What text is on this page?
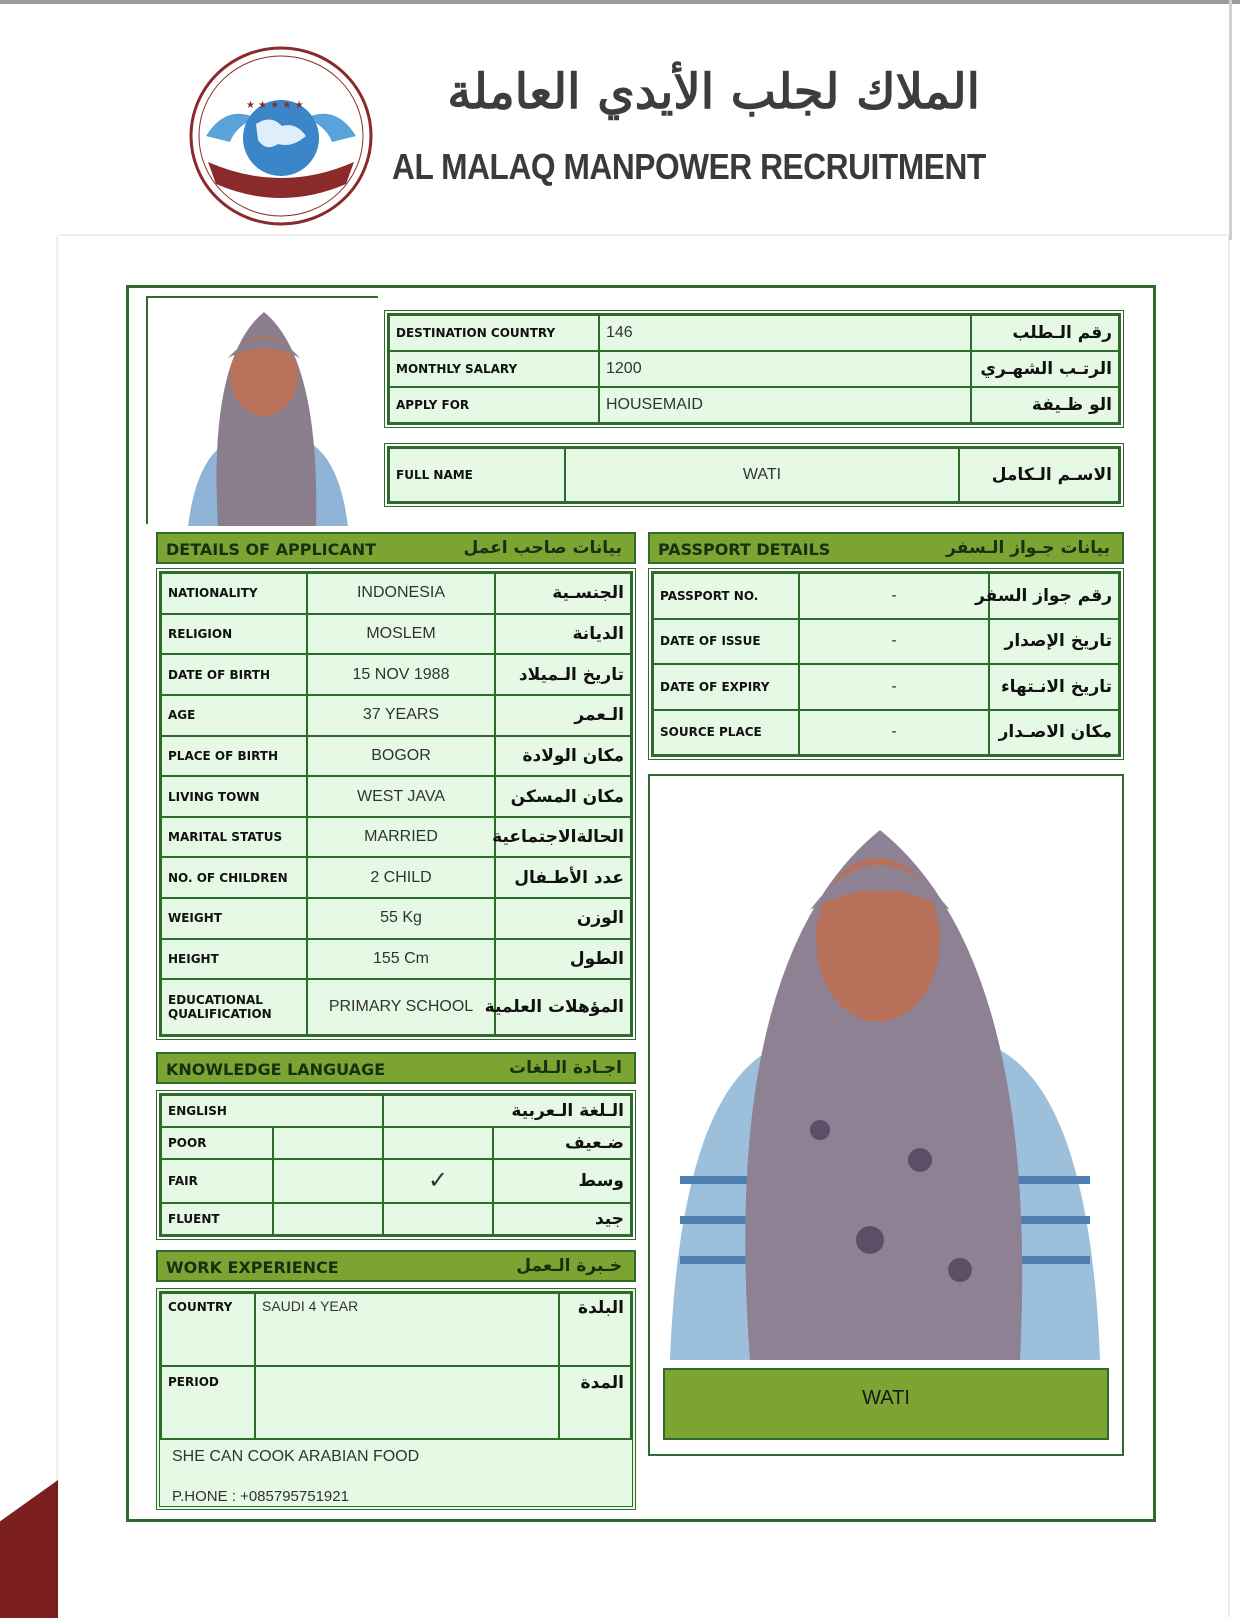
★ ★ ★ ★ ★	الملاك لجلب الأيدي العاملة
AL MALAQ MANPOWER RECRUITMENT
DESTINATION COUNTRY	146	رقم الـطلب
MONTHLY SALARY	1200	الرتـب الشهـري
APPLY FOR	HOUSEMAID	الو ظـيفة
FULL NAME	WATI	الاسـم الـكامل
DETAILS OF APPLICANT	بيانات صاحب اعمل
NATIONALITY	INDONESIA	الجنسـية
RELIGION	MOSLEM	الديانة
DATE OF BIRTH	15 NOV 1988	تاريخ الـميلاد
AGE	37 YEARS	الـعمر
PLACE OF BIRTH	BOGOR	مكان الولادة
LIVING TOWN	WEST JAVA	مكان المسكن
MARITAL STATUS	MARRIED	الحالةالاجتماعية
NO. OF CHILDREN	2 CHILD	عدد الأطـفال
WEIGHT	55 Kg	الوزن
HEIGHT	155 Cm	الطول
EDUCATIONAL QUALIFICATION	PRIMARY SCHOOL	المؤهلات العلمية
PASSPORT DETAILS	بيانات جـواز الـسفر
PASSPORT NO.	-	رقم جواز السفر
DATE OF ISSUE	-	تاريخ الإصدار
DATE OF EXPIRY	-	تاريخ الانـتهاء
SOURCE PLACE	-	مكان الاصـدار
WATI
KNOWLEDGE LANGUAGE	اجـادة الـلغات
ENGLISH		الـلغة الـعربية	
POOR			ضـعيف
FAIR		✓	وسط
FLUENT			جيد
WORK EXPERIENCE	خـبرة الـعمل
COUNTRY	SAUDI 4 YEAR	البلدة
PERIOD		المدة
SHE CAN COOK ARABIAN FOOD
P.HONE : +085795751921
